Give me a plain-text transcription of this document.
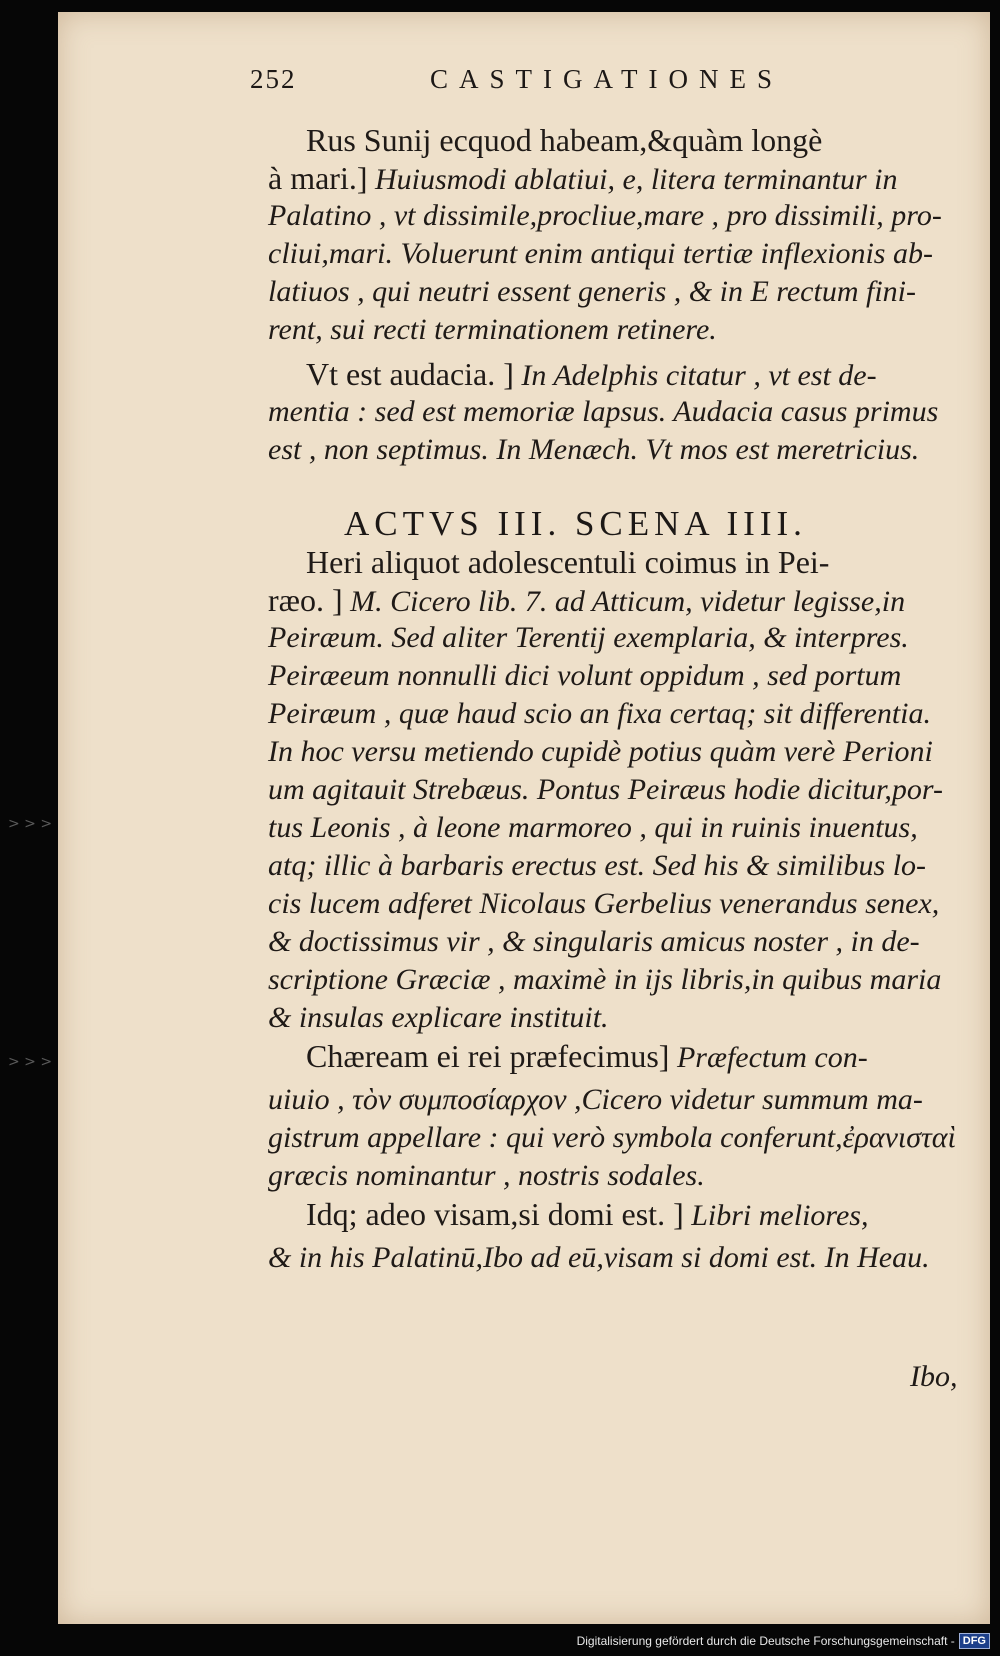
> > >
> > >
252	CASTIGATIONES
Rus Sunij ecquod habeam,&quàm longè
à mari.] Huiusmodi ablatiui, e, litera terminantur in
Palatino , vt dissimile,procliue,mare , pro dissimili, pro-
cliui,mari. Voluerunt enim antiqui tertiæ inflexionis ab-
latiuos , qui neutri essent generis , & in E rectum fini-
rent, sui recti terminationem retinere.
Vt est audacia. ] In Adelphis citatur , vt est de-
mentia : sed est memoriæ lapsus. Audacia casus primus
est , non septimus. In Menæch. Vt mos est meretricius.
Heri aliquot adolescentuli coimus in Pei-
ræo. ] M. Cicero lib. 7. ad Atticum, videtur legisse,in
Peiræum. Sed aliter Terentij exemplaria, & interpres.
Peiræeum nonnulli dici volunt oppidum , sed portum
Peiræum , quæ haud scio an fixa certaq; sit differentia.
In hoc versu metiendo cupidè potius quàm verè Perioni
um agitauit Strebæus. Pontus Peiræus hodie dicitur,por-
tus Leonis , à leone marmoreo , qui in ruinis inuentus,
atq; illic à barbaris erectus est. Sed his & similibus lo-
cis lucem adferet Nicolaus Gerbelius venerandus senex,
& doctissimus vir , & singularis amicus noster , in de-
scriptione Græciæ , maximè in ijs libris,in quibus maria
& insulas explicare instituit.
Chæream ei rei præfecimus] Præfectum con-
uiuio , τὸν συμποσίαρχον ,Cicero videtur summum ma-
gistrum appellare : qui verò symbola conferunt,ἐρανισταὶ
græcis nominantur , nostris sodales.
Idq; adeo visam,si domi est. ] Libri meliores,
& in his Palatinū,Ibo ad eū,visam si domi est. In Heau.
ACTVS III. SCENA IIII.
Ibo,
Digitalisierung gefördert durch die Deutsche Forschungsgemeinschaft - DFG
